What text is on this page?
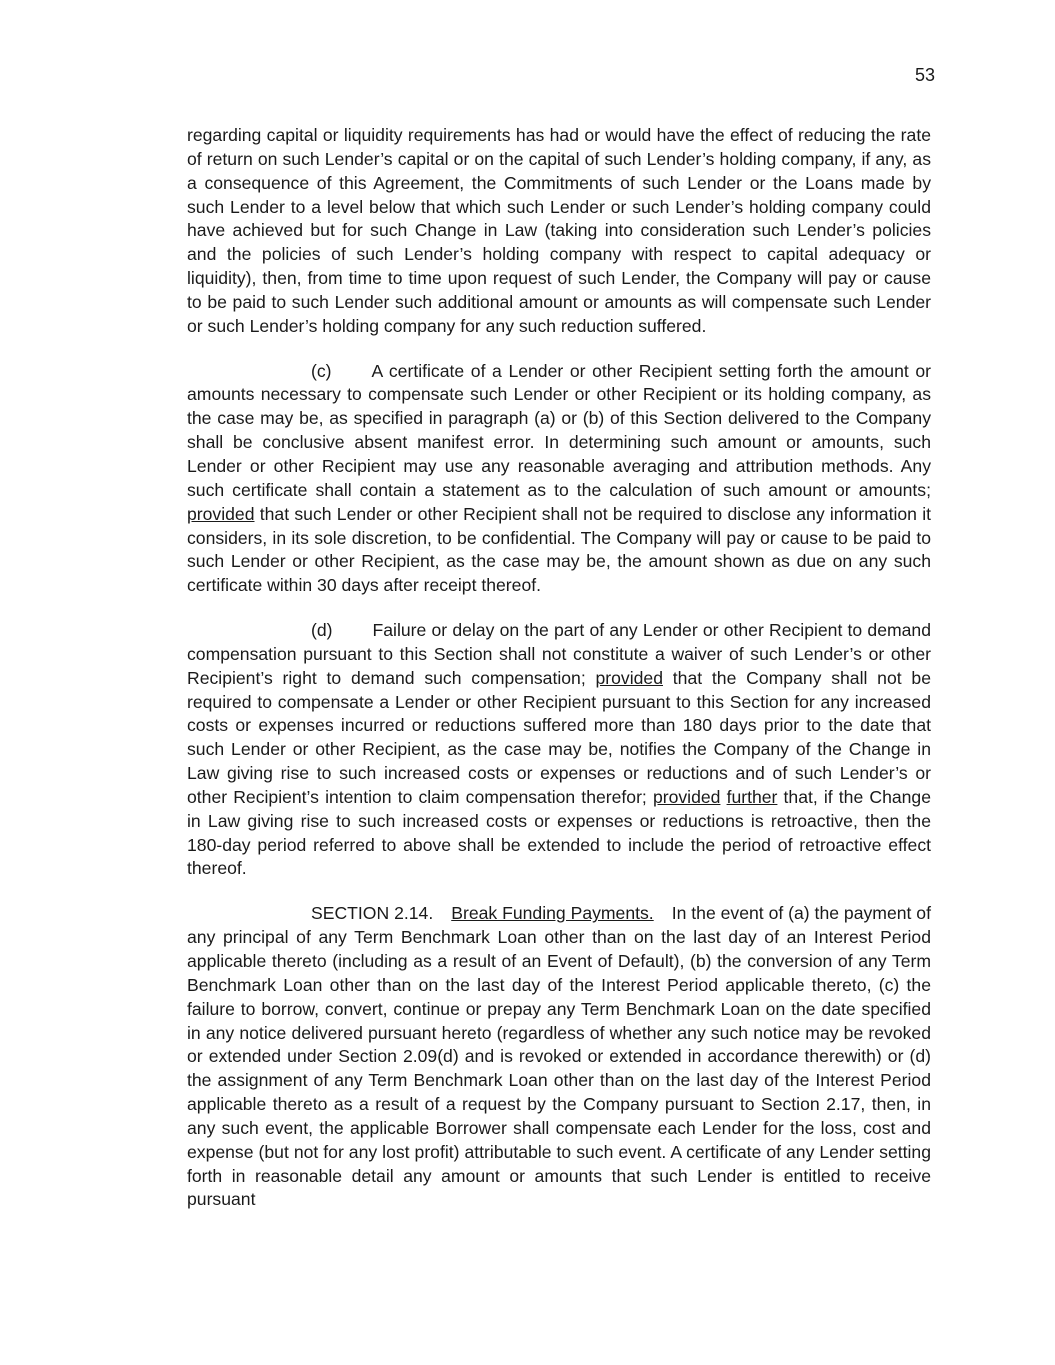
53

regarding capital or liquidity requirements has had or would have the effect of reducing the rate of return on such Lender’s capital or on the capital of such Lender’s holding company, if any, as a consequence of this Agreement, the Commitments of such Lender or the Loans made by such Lender to a level below that which such Lender or such Lender’s holding company could have achieved but for such Change in Law (taking into consideration such Lender’s policies and the policies of such Lender’s holding company with respect to capital adequacy or liquidity), then, from time to time upon request of such Lender, the Company will pay or cause to be paid to such Lender such additional amount or amounts as will compensate such Lender or such Lender’s holding company for any such reduction suffered.

(c) A certificate of a Lender or other Recipient setting forth the amount or amounts necessary to compensate such Lender or other Recipient or its holding company, as the case may be, as specified in paragraph (a) or (b) of this Section delivered to the Company shall be conclusive absent manifest error. In determining such amount or amounts, such Lender or other Recipient may use any reasonable averaging and attribution methods. Any such certificate shall contain a statement as to the calculation of such amount or amounts; provided that such Lender or other Recipient shall not be required to disclose any information it considers, in its sole discretion, to be confidential. The Company will pay or cause to be paid to such Lender or other Recipient, as the case may be, the amount shown as due on any such certificate within 30 days after receipt thereof.

(d) Failure or delay on the part of any Lender or other Recipient to demand compensation pursuant to this Section shall not constitute a waiver of such Lender’s or other Recipient’s right to demand such compensation; provided that the Company shall not be required to compensate a Lender or other Recipient pursuant to this Section for any increased costs or expenses incurred or reductions suffered more than 180 days prior to the date that such Lender or other Recipient, as the case may be, notifies the Company of the Change in Law giving rise to such increased costs or expenses or reductions and of such Lender’s or other Recipient’s intention to claim compensation therefor; provided further that, if the Change in Law giving rise to such increased costs or expenses or reductions is retroactive, then the 180-day period referred to above shall be extended to include the period of retroactive effect thereof.

SECTION 2.14. Break Funding Payments. In the event of (a) the payment of any principal of any Term Benchmark Loan other than on the last day of an Interest Period applicable thereto (including as a result of an Event of Default), (b) the conversion of any Term Benchmark Loan other than on the last day of the Interest Period applicable thereto, (c) the failure to borrow, convert, continue or prepay any Term Benchmark Loan on the date specified in any notice delivered pursuant hereto (regardless of whether any such notice may be revoked or extended under Section 2.09(d) and is revoked or extended in accordance therewith) or (d) the assignment of any Term Benchmark Loan other than on the last day of the Interest Period applicable thereto as a result of a request by the Company pursuant to Section 2.17, then, in any such event, the applicable Borrower shall compensate each Lender for the loss, cost and expense (but not for any lost profit) attributable to such event. A certificate of any Lender setting forth in reasonable detail any amount or amounts that such Lender is entitled to receive pursuant
